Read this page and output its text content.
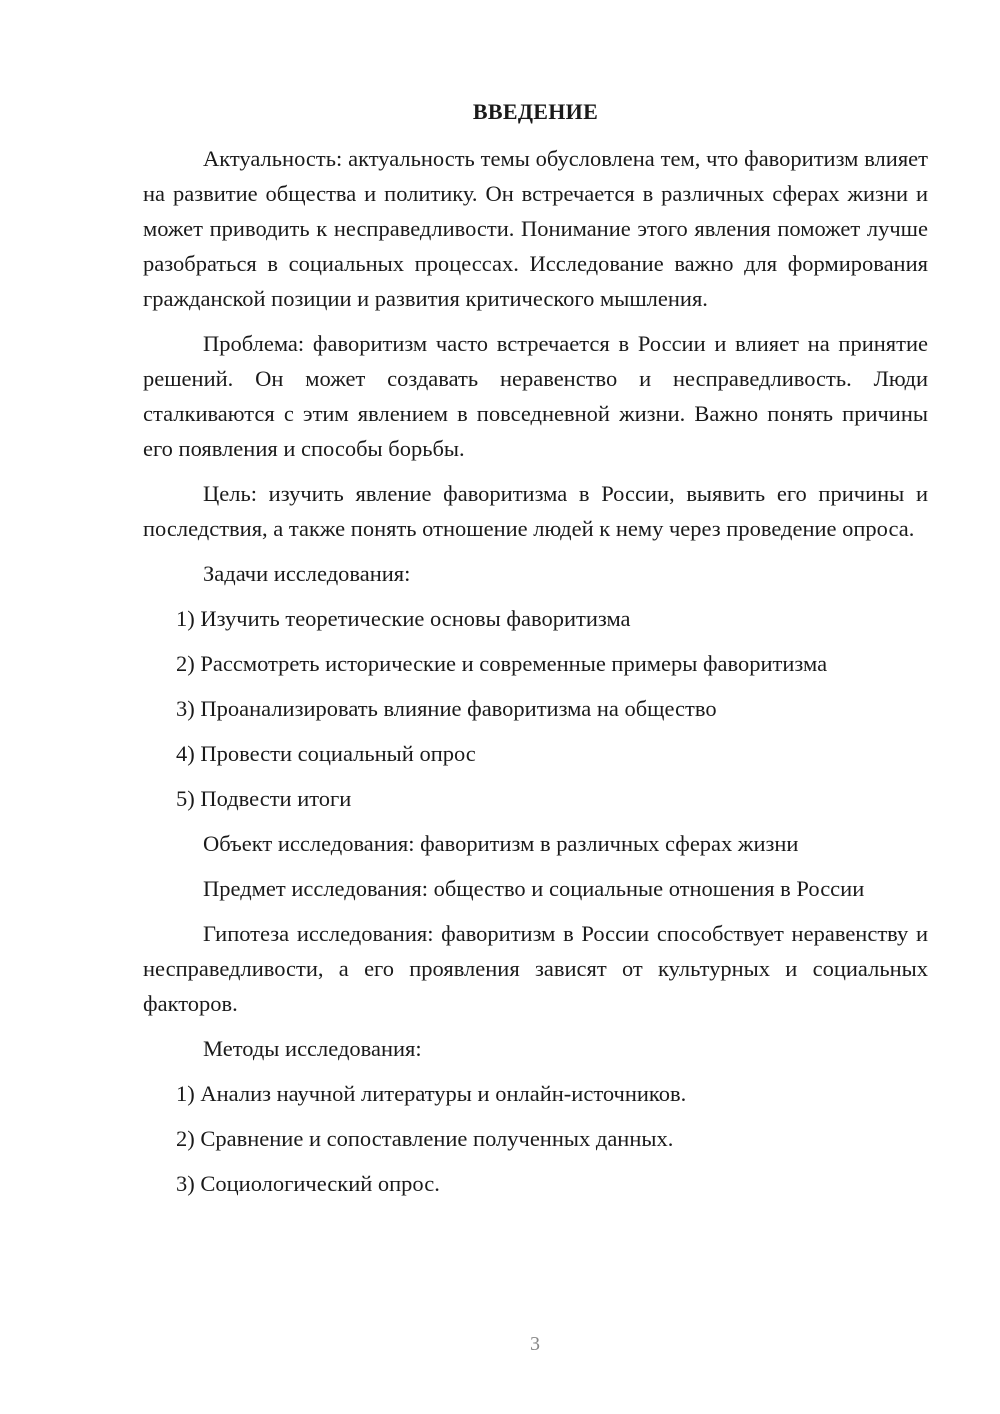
ВВЕДЕНИЕ

Актуальность: актуальность темы обусловлена тем, что фаворитизм влияет на развитие общества и политику. Он встречается в различных сферах жизни и может приводить к несправедливости. Понимание этого явления поможет лучше разобраться в социальных процессах. Исследование важно для формирования гражданской позиции и развития критического мышления.

Проблема: фаворитизм часто встречается в России и влияет на принятие решений. Он может создавать неравенство и несправедливость. Люди сталкиваются с этим явлением в повседневной жизни. Важно понять причины его появления и способы борьбы.

Цель: изучить явление фаворитизма в России, выявить его причины и последствия, а также понять отношение людей к нему через проведение опроса.

Задачи исследования:

1) Изучить теоретические основы фаворитизма
2) Рассмотреть исторические и современные примеры фаворитизма
3) Проанализировать влияние фаворитизма на общество
4) Провести социальный опрос
5) Подвести итоги

Объект исследования: фаворитизм в различных сферах жизни

Предмет исследования: общество и социальные отношения в России

Гипотеза исследования: фаворитизм в России способствует неравенству и несправедливости, а его проявления зависят от культурных и социальных факторов.

Методы исследования:

1) Анализ научной литературы и онлайн-источников.
2) Сравнение и сопоставление полученных данных.
3) Социологический опрос.
3
